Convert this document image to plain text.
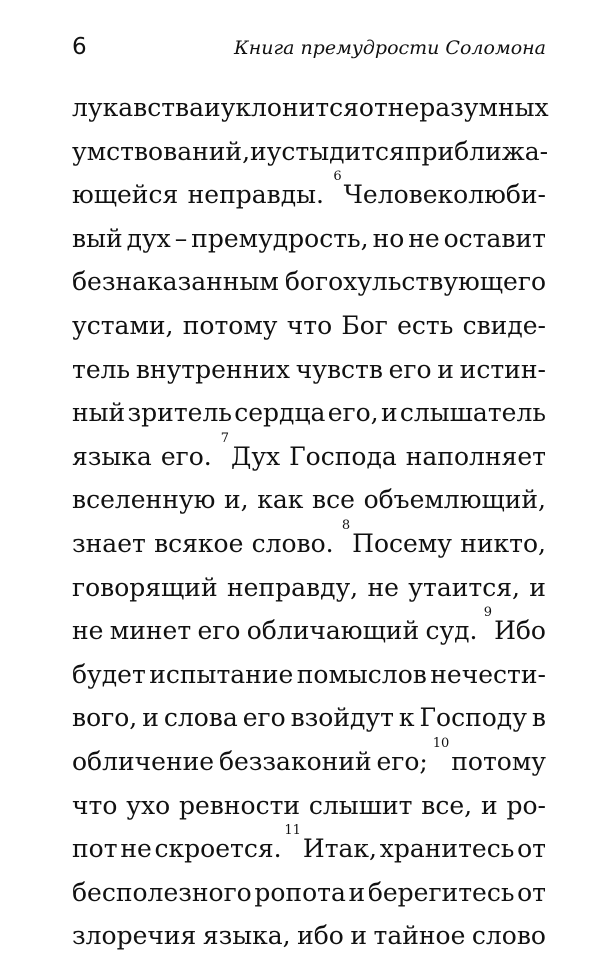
6	Книга премудрости Соломона
лукавства и уклонится от неразумных
умствований, и устыдится приближа-
ющейся неправды.
$^6$Человеколюби-
вый дух – премудрость, но не оставит
безнаказанным богохульствующего
устами, потому что Бог есть свиде-
тель внутренних чувств его и истин-
ный зритель сердца его, и слышатель
языка его.
$^7$Дух Господа наполняет
вселенную и, как все объемлющий,
знает всякое слово.
$^8$Посему никто,
говорящий неправду, не утаится, и
не минет его обличающий суд.
$^9$Ибо
будет испытание помыслов нечести-
вого, и слова его взойдут к Господу в
обличение беззаконий его;
$^{10}$потому
что ухо ревности слышит все, и ро-
пот не скроется.
$^{11}$Итак, хранитесь от
бесполезного ропота и берегитесь от
злоречия языка, ибо и тайное слово
